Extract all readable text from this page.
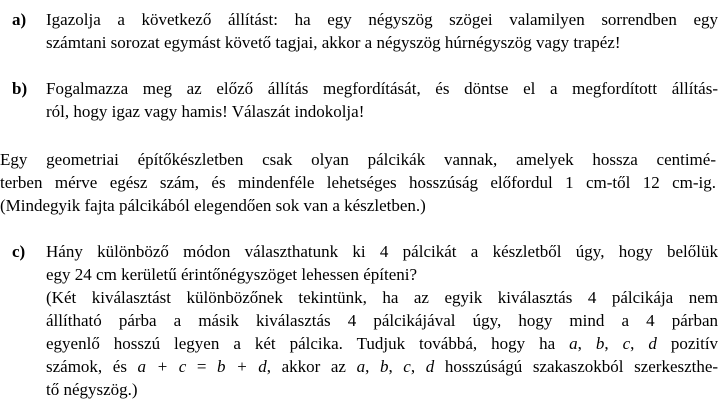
a) Igazolja a következő állítást: ha egy négyszög szögei valamilyen sorrendben egy
számtani sorozat egymást követő tagjai, akkor a négyszög húrnégyszög vagy trapéz!
b) Fogalmazza meg az előző állítás megfordítását, és döntse el a megfordított állítás-
ról, hogy igaz vagy hamis! Válaszát indokolja!
Egy geometriai építőkészletben csak olyan pálcikák vannak, amelyek hossza centimé-
terben mérve egész szám, és mindenféle lehetséges hosszúság előfordul 1 cm-től 12 cm-ig.
(Mindegyik fajta pálcikából elegendően sok van a készletben.)
c) Hány különböző módon választhatunk ki 4 pálcikát a készletből úgy, hogy belőlük
egy 24 cm kerületű érintőnégyszöget lehessen építeni?
(Két kiválasztást különbözőnek tekintünk, ha az egyik kiválasztás 4 pálcikája nem
állítható párba a másik kiválasztás 4 pálcikájával úgy, hogy mind a 4 párban
egyenlő hosszú legyen a két pálcika. Tudjuk továbbá, hogy ha a, b, c, d pozitív
számok, és a + c = b + d, akkor az a, b, c, d hosszúságú szakaszokból szerkeszthe-
tő négyszög.)
